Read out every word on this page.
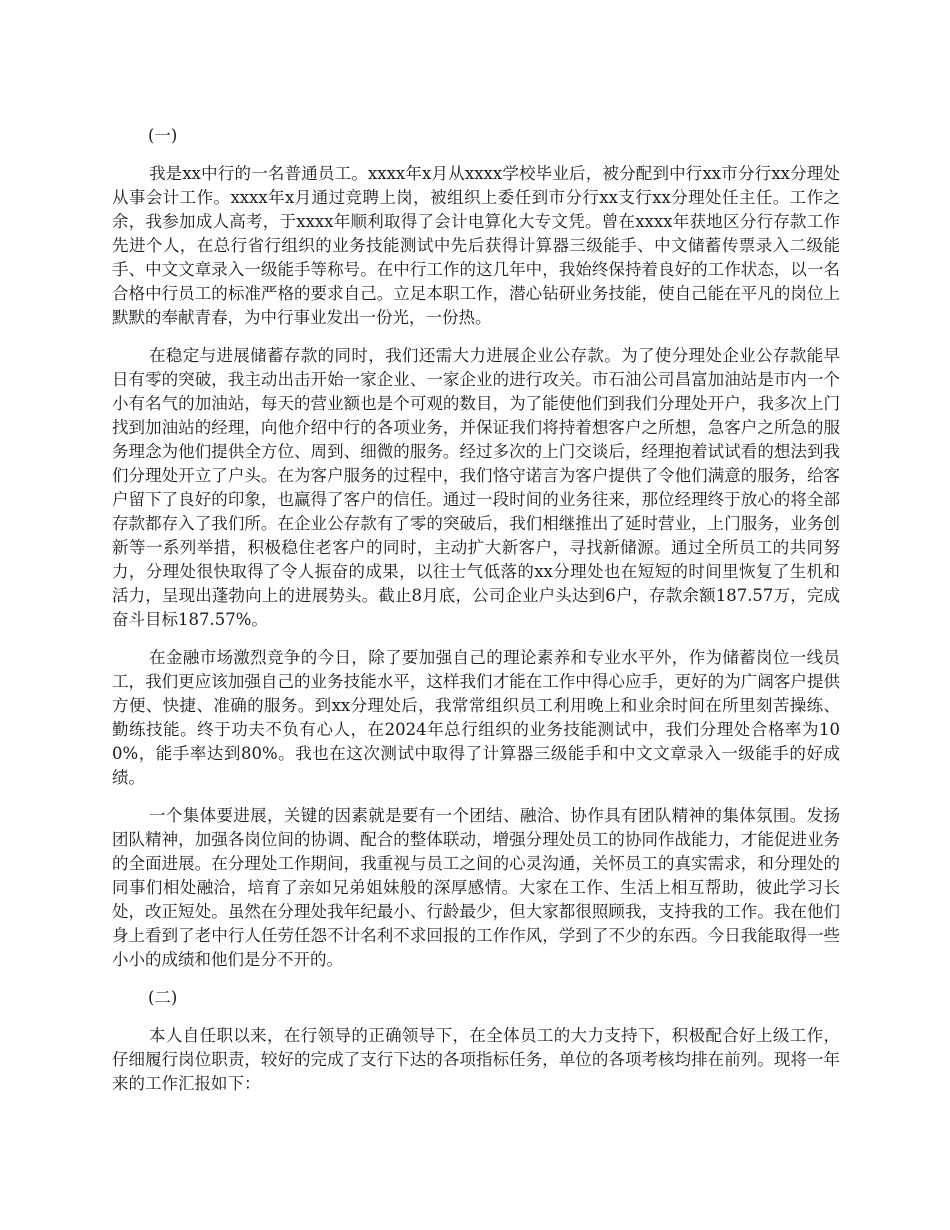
(一)

我是xx中行的一名普通员工。xxxx年x月从xxxx学校毕业后，被分配到中行xx市分行xx分理处从事会计工作。xxxx年x月通过竞聘上岗，被组织上委任到市分行xx支行xx分理处任主任。工作之余，我参加成人高考，于xxxx年顺利取得了会计电算化大专文凭。曾在xxxx年获地区分行存款工作先进个人，在总行省行组织的业务技能测试中先后获得计算器三级能手、中文储蓄传票录入二级能手、中文文章录入一级能手等称号。在中行工作的这几年中，我始终保持着良好的工作状态，以一名合格中行员工的标准严格的要求自己。立足本职工作，潜心钻研业务技能，使自己能在平凡的岗位上默默的奉献青春，为中行事业发出一份光，一份热。

在稳定与进展储蓄存款的同时，我们还需大力进展企业公存款。为了使分理处企业公存款能早日有零的突破，我主动出击开始一家企业、一家企业的进行攻关。市石油公司昌富加油站是市内一个小有名气的加油站，每天的营业额也是个可观的数目，为了能使他们到我们分理处开户，我多次上门找到加油站的经理，向他介绍中行的各项业务，并保证我们将持着想客户之所想，急客户之所急的服务理念为他们提供全方位、周到、细微的服务。经过多次的上门交谈后，经理抱着试试看的想法到我们分理处开立了户头。在为客户服务的过程中，我们恪守诺言为客户提供了令他们满意的服务，给客户留下了良好的印象，也赢得了客户的信任。通过一段时间的业务往来，那位经理终于放心的将全部存款都存入了我们所。在企业公存款有了零的突破后，我们相继推出了延时营业，上门服务，业务创新等一系列举措，积极稳住老客户的同时，主动扩大新客户，寻找新储源。通过全所员工的共同努力，分理处很快取得了令人振奋的成果，以往士气低落的xx分理处也在短短的时间里恢复了生机和活力，呈现出蓬勃向上的进展势头。截止8月底，公司企业户头达到6户，存款余额187.57万，完成奋斗目标187.57%。

在金融市场激烈竞争的今日，除了要加强自己的理论素养和专业水平外，作为储蓄岗位一线员工，我们更应该加强自己的业务技能水平，这样我们才能在工作中得心应手，更好的为广阔客户提供方便、快捷、准确的服务。到xx分理处后，我常常组织员工利用晚上和业余时间在所里刻苦操练、勤练技能。终于功夫不负有心人，在2024年总行组织的业务技能测试中，我们分理处合格率为100%，能手率达到80%。我也在这次测试中取得了计算器三级能手和中文文章录入一级能手的好成绩。

一个集体要进展，关键的因素就是要有一个团结、融洽、协作具有团队精神的集体氛围。发扬团队精神，加强各岗位间的协调、配合的整体联动，增强分理处员工的协同作战能力，才能促进业务的全面进展。在分理处工作期间，我重视与员工之间的心灵沟通，关怀员工的真实需求，和分理处的同事们相处融洽，培育了亲如兄弟姐妹般的深厚感情。大家在工作、生活上相互帮助，彼此学习长处，改正短处。虽然在分理处我年纪最小、行龄最少，但大家都很照顾我，支持我的工作。我在他们身上看到了老中行人任劳任怨不计名利不求回报的工作作风，学到了不少的东西。今日我能取得一些小小的成绩和他们是分不开的。

(二)

本人自任职以来，在行领导的正确领导下，在全体员工的大力支持下，积极配合好上级工作，仔细履行岗位职责，较好的完成了支行下达的各项指标任务，单位的各项考核均排在前列。现将一年来的工作汇报如下：
